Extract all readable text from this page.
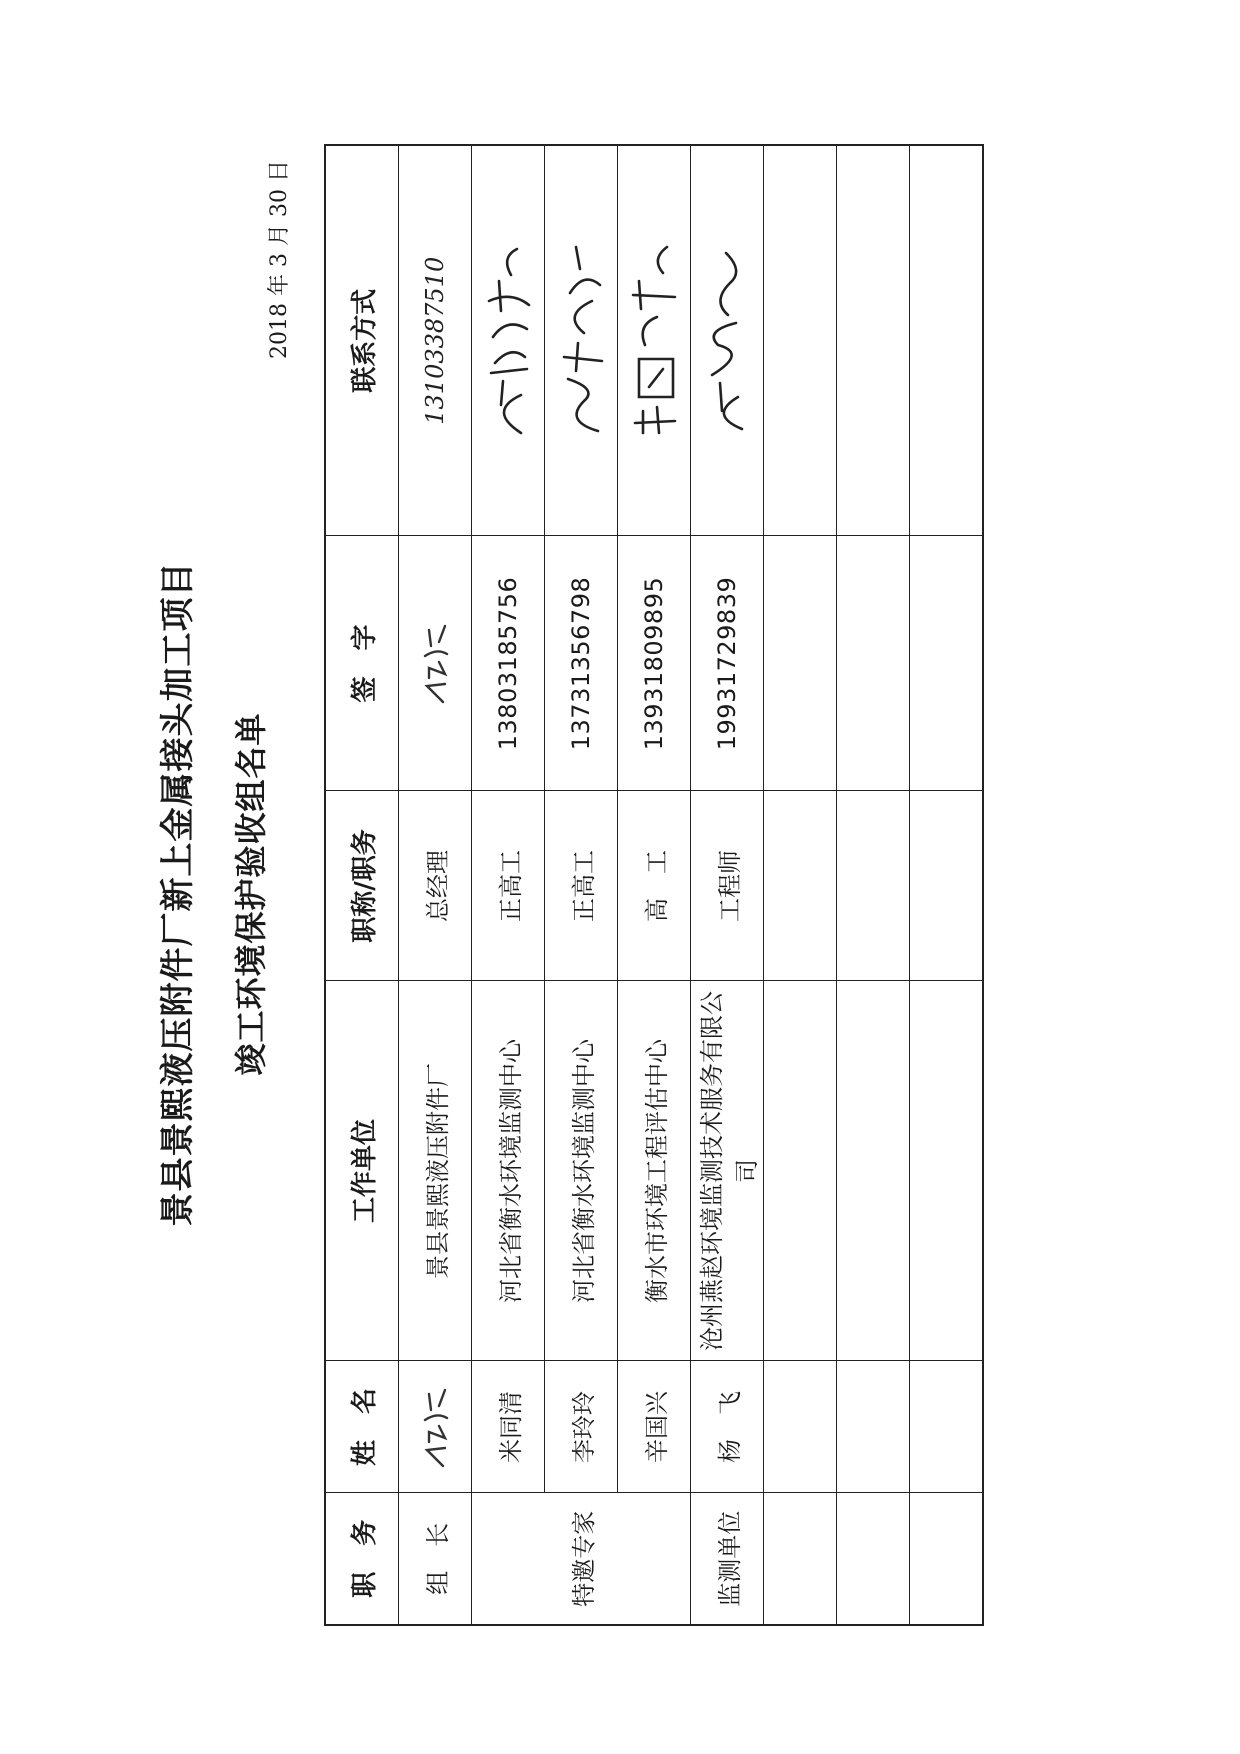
景县景熙液压附件厂新上金属接头加工项目 竣工环境保护验收组名单
2018 年 3 月 30 日
职　务	姓　名	工作单位	职称/职务	签　字	联系方式
组　长		景县景熙液压附件厂	总经理		13103387510
特邀专家	米同清	河北省衡水环境监测中心	正高工	13803185756	

	李玲玲	河北省衡水环境监测中心	正高工	13731356798	

	辛国兴	衡水市环境工程评估中心	高　工	13931809895	

监测单位	杨　飞	沧州燕赵环境监测技术服务有限公司	工程师	19931729839	
